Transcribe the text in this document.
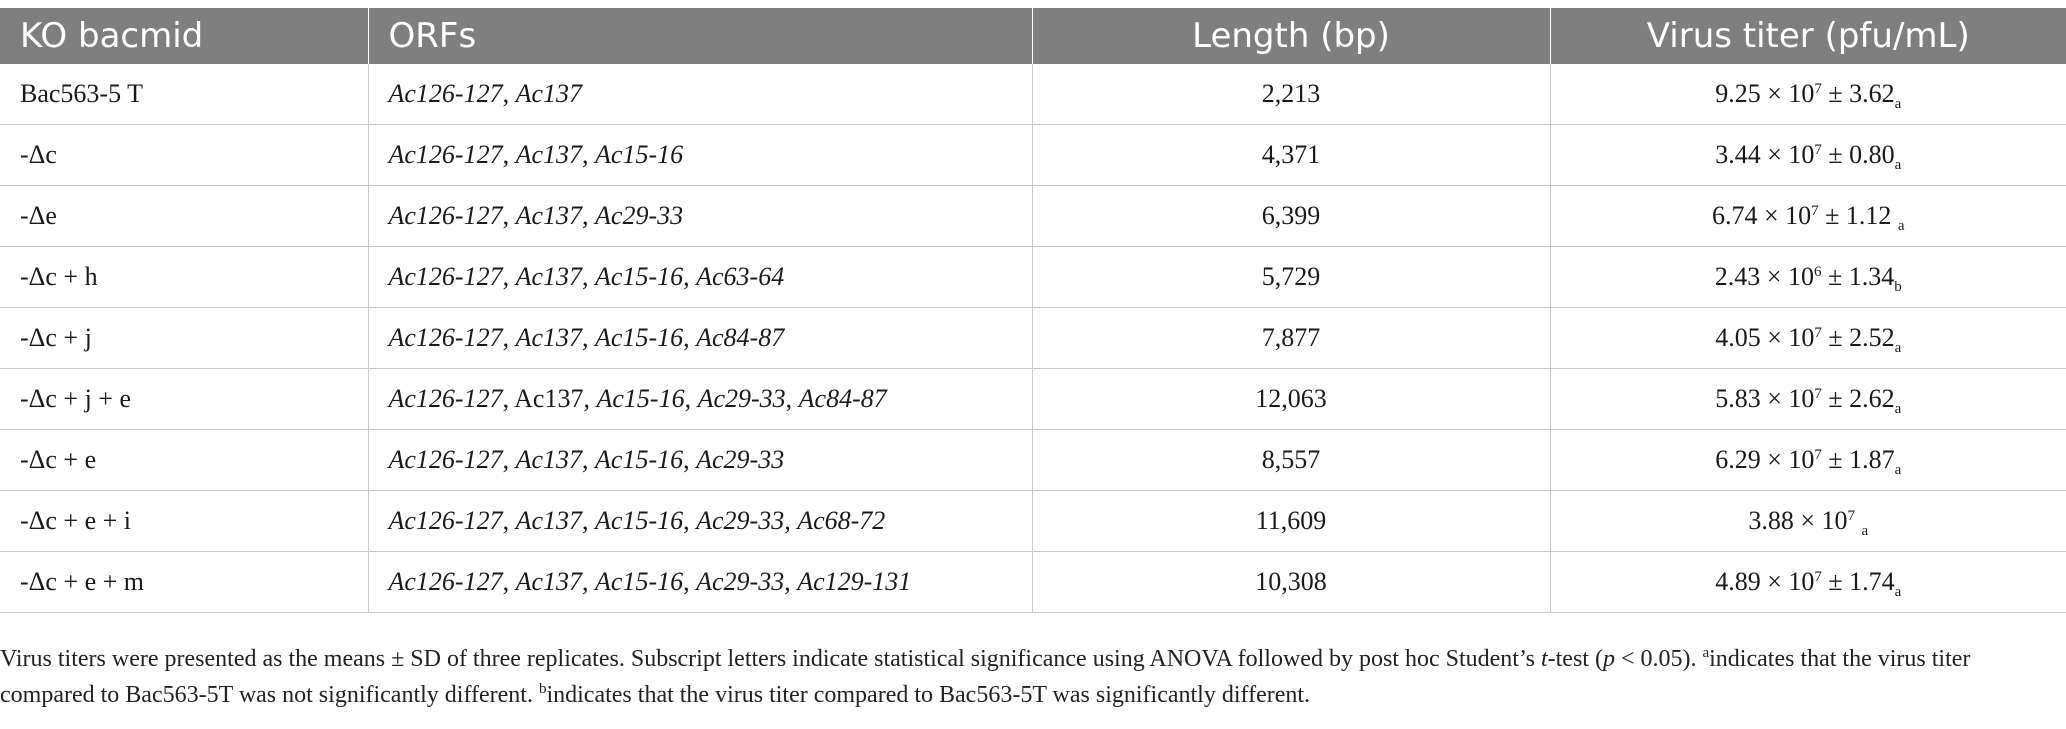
KO bacmid	ORFs	Length (bp)	Virus titer (pfu/mL)
Bac563-5 T	Ac126-127, Ac137	2,213	$9.25 \times 10^7 \pm 3.62_a$
-Δc	Ac126-127, Ac137, Ac15-16	4,371	$3.44 \times 10^7 \pm 0.80_a$
-Δe	Ac126-127, Ac137, Ac29-33	6,399	$6.74 \times 10^7 \pm 1.12$ $_a$
-Δc + h	Ac126-127, Ac137, Ac15-16, Ac63-64	5,729	$2.43 \times 10^6 \pm 1.34_b$
-Δc + j	Ac126-127, Ac137, Ac15-16, Ac84-87	7,877	$4.05 \times 10^7 \pm 2.52_a$
-Δc + j + e	Ac126-127, Ac137, Ac15-16, Ac29-33, Ac84-87	12,063	$5.83 \times 10^7 \pm 2.62_a$
-Δc + e	Ac126-127, Ac137, Ac15-16, Ac29-33	8,557	$6.29 \times 10^7 \pm 1.87_a$
-Δc + e + i	Ac126-127, Ac137, Ac15-16, Ac29-33, Ac68-72	11,609	$3.88 \times 10^7$ $_a$
-Δc + e + m	Ac126-127, Ac137, Ac15-16, Ac29-33, Ac129-131	10,308	$4.89 \times 10^7 \pm 1.74_a$
Virus titers were presented as the means ± SD of three replicates. Subscript letters indicate statistical significance using ANOVA followed by post hoc Student’s t-test (p < 0.05). $^a$indicates that the virus titer compared to Bac563-5T was not significantly different. $^b$indicates that the virus titer compared to Bac563-5T was significantly different.
